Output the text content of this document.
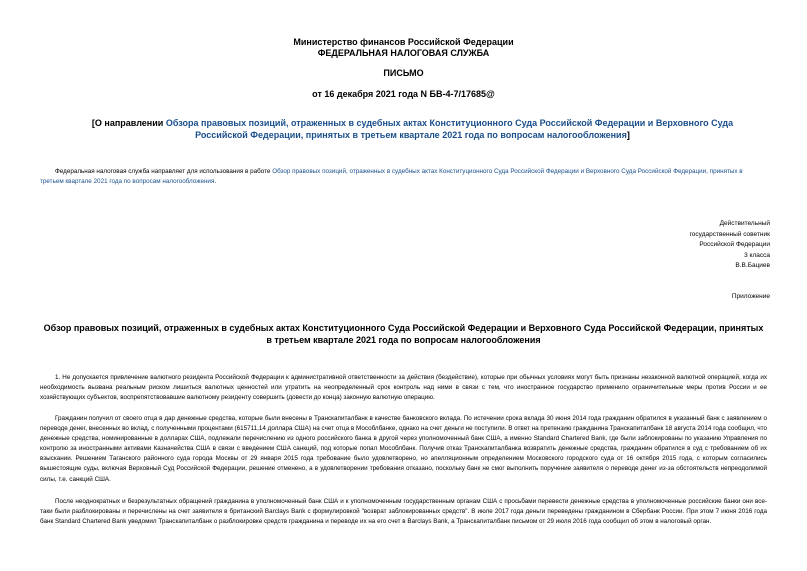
Министерство финансов Российской Федерации
ФЕДЕРАЛЬНАЯ НАЛОГОВАЯ СЛУЖБА
ПИСЬМО
от 16 декабря 2021 года N БВ-4-7/17685@
[О направлении Обзора правовых позиций, отраженных в судебных актах Конституционного Суда Российской Федерации и Верховного Суда Российской Федерации, принятых в третьем квартале 2021 года по вопросам налогообложения]
Федеральная налоговая служба направляет для использования в работе Обзор правовых позиций, отраженных в судебных актах Конституционного Суда Российской Федерации и Верховного Суда Российской Федерации, принятых в третьем квартале 2021 года по вопросам налогообложения.
Действительный
государственный советник
Российской Федерации
3 класса
В.В.Бациев
Приложение
Обзор правовых позиций, отраженных в судебных актах Конституционного Суда Российской Федерации и Верховного Суда Российской Федерации, принятых в третьем квартале 2021 года по вопросам налогообложения
1. Не допускается привлечение валютного резидента Российской Федерации к административной ответственности за действия (бездействие), которые при обычных условиях могут быть признаны незаконной валютной операцией, когда их необходимость вызвана реальным риском лишиться валютных ценностей или утратить на неопределенный срок контроль над ними в связи с тем, что иностранное государство применило ограничительные меры против России и ее хозяйствующих субъектов, воспрепятствовавшие валютному резиденту совершить (довести до конца) законную валютную операцию.
Гражданин получил от своего отца в дар денежные средства, которые были внесены в Транскапиталбанк в качестве банковского вклада. По истечении срока вклада 30 июня 2014 года гражданин обратился в указанный банк с заявлением о переводе денег, внесенных во вклад, с полученными процентами (615711,14 доллара США) на счет отца в Мособлбанке, однако на счет деньги не поступили. В ответ на претензию гражданина Транскапиталбанк 18 августа 2014 года сообщил, что денежные средства, номинированные в долларах США, подлежали перечислению из одного российского банка в другой через уполномоченный банк США, а именно Standard Chartered Bank, где были заблокированы по указанию Управления по контролю за иностранными активами Казначейства США в связи с введением США санкций, под которые попал Мособлбанк. Получив отказ Транскапиталбанка возвратить денежные средства, гражданин обратился в суд с требованием об их взыскании. Решением Таганского районного суда города Москвы от 29 января 2015 года требование было удовлетворено, но апелляционным определением Московского городского суда от 16 октября 2015 года, с которым согласились вышестоящие суды, включая Верховный Суд Российской Федерации, решение отменено, а в удовлетворении требования отказано, поскольку банк не смог выполнить поручение заявителя о переводе денег из-за обстоятельств непреодолимой силы, т.е. санкций США.
После неоднократных и безрезультатных обращений гражданина в уполномоченный банк США и к уполномоченным государственным органам США с просьбами перевести денежные средства в уполномоченные российские банки они все-таки были разблокированы и перечислены на счет заявителя в британский Barclays Bank с формулировкой "возврат заблокированных средств". В июле 2017 года деньги переведены гражданином в Сбербанк России. При этом 7 июня 2016 года банк Standard Chartered Bank уведомил Транскапиталбанк о разблокировке средств гражданина и переводе их на его счет в Barclays Bank, а Транскапиталбанк письмом от 29 июля 2016 года сообщил об этом в налоговый орган.
